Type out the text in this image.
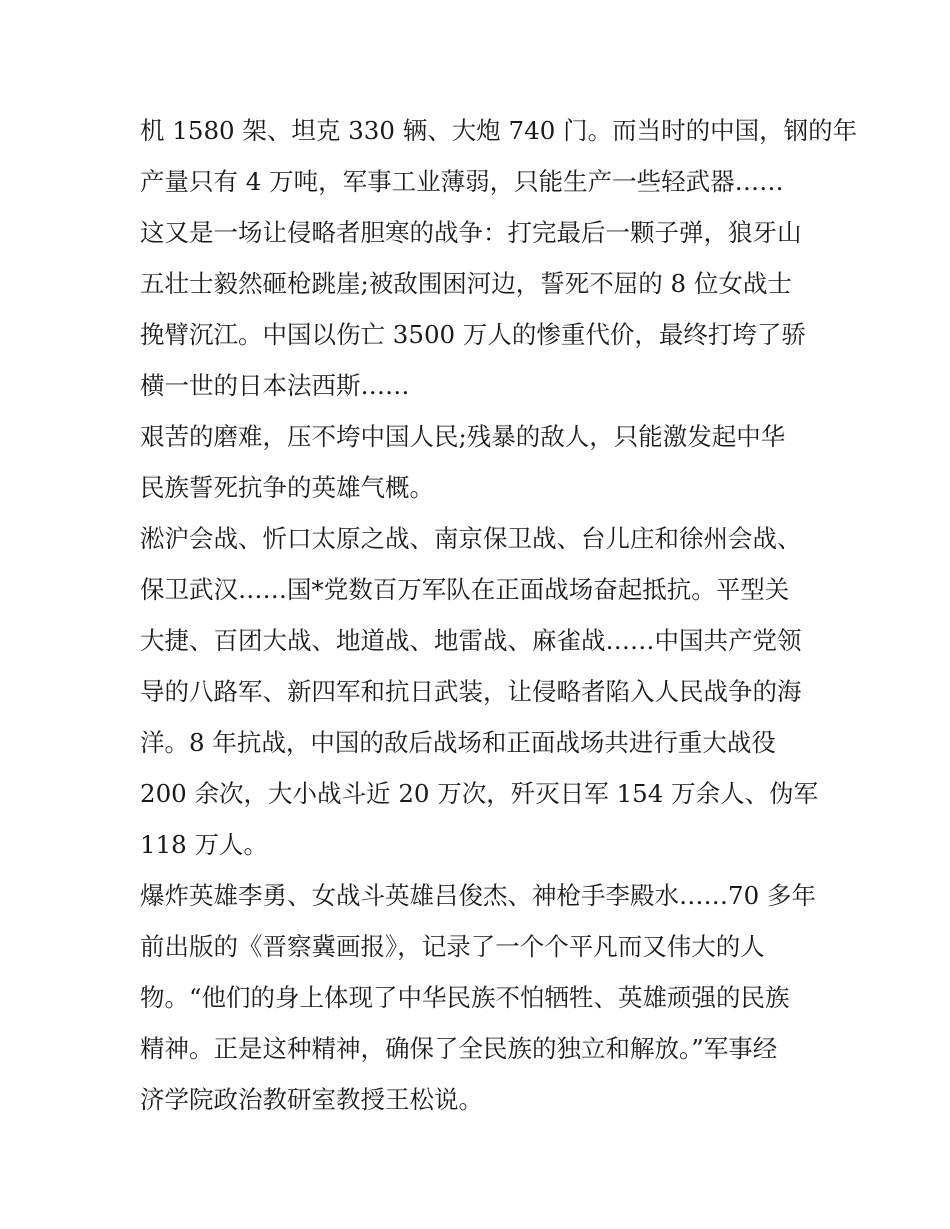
机 1580 架、坦克 330 辆、大炮 740 门。而当时的中国，钢的年
产量只有 4 万吨，军事工业薄弱，只能生产一些轻武器……
这又是一场让侵略者胆寒的战争：打完最后一颗子弹，狼牙山
五壮士毅然砸枪跳崖;被敌围困河边，誓死不屈的 8 位女战士
挽臂沉江。中国以伤亡 3500 万人的惨重代价，最终打垮了骄
横一世的日本法西斯……
艰苦的磨难，压不垮中国人民;残暴的敌人，只能激发起中华
民族誓死抗争的英雄气概。
淞沪会战、忻口太原之战、南京保卫战、台儿庄和徐州会战、
保卫武汉……国*党数百万军队在正面战场奋起抵抗。平型关
大捷、百团大战、地道战、地雷战、麻雀战……中国共产党领
导的八路军、新四军和抗日武装，让侵略者陷入人民战争的海
洋。8 年抗战，中国的敌后战场和正面战场共进行重大战役
200 余次，大小战斗近 20 万次，歼灭日军 154 万余人、伪军
118 万人。
爆炸英雄李勇、女战斗英雄吕俊杰、神枪手李殿水……70 多年
前出版的《晋察冀画报》，记录了一个个平凡而又伟大的人
物。“他们的身上体现了中华民族不怕牺牲、英雄顽强的民族
精神。正是这种精神，确保了全民族的独立和解放。”军事经
济学院政治教研室教授王松说。
